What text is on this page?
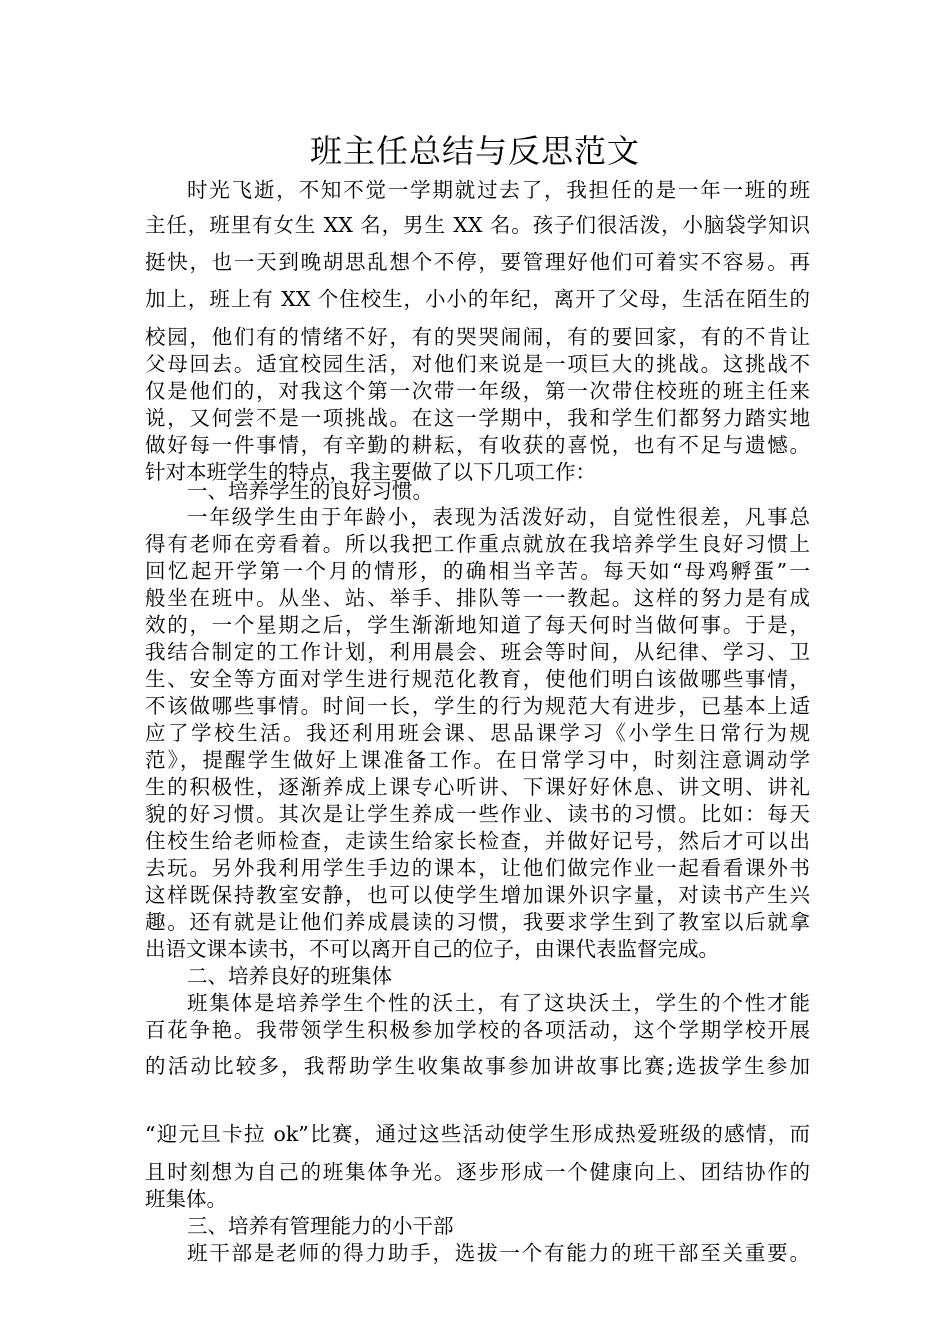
班主任总结与反思范文
时光飞逝，不知不觉一学期就过去了，我担任的是一年一班的班
主任，班里有女生 XX 名，男生 XX 名。孩子们很活泼，小脑袋学知识
挺快，也一天到晚胡思乱想个不停，要管理好他们可着实不容易。再
加上，班上有 XX 个住校生，小小的年纪，离开了父母，生活在陌生的
校园，他们有的情绪不好，有的哭哭闹闹，有的要回家，有的不肯让
父母回去。适宜校园生活，对他们来说是一项巨大的挑战。这挑战不
仅是他们的，对我这个第一次带一年级，第一次带住校班的班主任来
说，又何尝不是一项挑战。在这一学期中，我和学生们都努力踏实地
做好每一件事情，有辛勤的耕耘，有收获的喜悦，也有不足与遗憾。
针对本班学生的特点，我主要做了以下几项工作：
一、培养学生的良好习惯。
一年级学生由于年龄小，表现为活泼好动，自觉性很差，凡事总
得有老师在旁看着。所以我把工作重点就放在我培养学生良好习惯上
回忆起开学第一个月的情形，的确相当辛苦。每天如“母鸡孵蛋”一
般坐在班中。从坐、站、举手、排队等一一教起。这样的努力是有成
效的，一个星期之后，学生渐渐地知道了每天何时当做何事。于是，
我结合制定的工作计划，利用晨会、班会等时间，从纪律、学习、卫
生、安全等方面对学生进行规范化教育，使他们明白该做哪些事情，
不该做哪些事情。时间一长，学生的行为规范大有进步，已基本上适
应了学校生活。我还利用班会课、思品课学习《小学生日常行为规
范》，提醒学生做好上课准备工作。在日常学习中，时刻注意调动学
生的积极性，逐渐养成上课专心听讲、下课好好休息、讲文明、讲礼
貌的好习惯。其次是让学生养成一些作业、读书的习惯。比如：每天
住校生给老师检查，走读生给家长检查，并做好记号，然后才可以出
去玩。另外我利用学生手边的课本，让他们做完作业一起看看课外书
这样既保持教室安静，也可以使学生增加课外识字量，对读书产生兴
趣。还有就是让他们养成晨读的习惯，我要求学生到了教室以后就拿
出语文课本读书，不可以离开自己的位子，由课代表监督完成。
二、培养良好的班集体
班集体是培养学生个性的沃土，有了这块沃土，学生的个性才能
百花争艳。我带领学生积极参加学校的各项活动，这个学期学校开展
的活动比较多，我帮助学生收集故事参加讲故事比赛;选拔学生参加
“迎元旦卡拉 ok”比赛，通过这些活动使学生形成热爱班级的感情，而
且时刻想为自己的班集体争光。逐步形成一个健康向上、团结协作的
班集体。
三、培养有管理能力的小干部
班干部是老师的得力助手，选拔一个有能力的班干部至关重要。
